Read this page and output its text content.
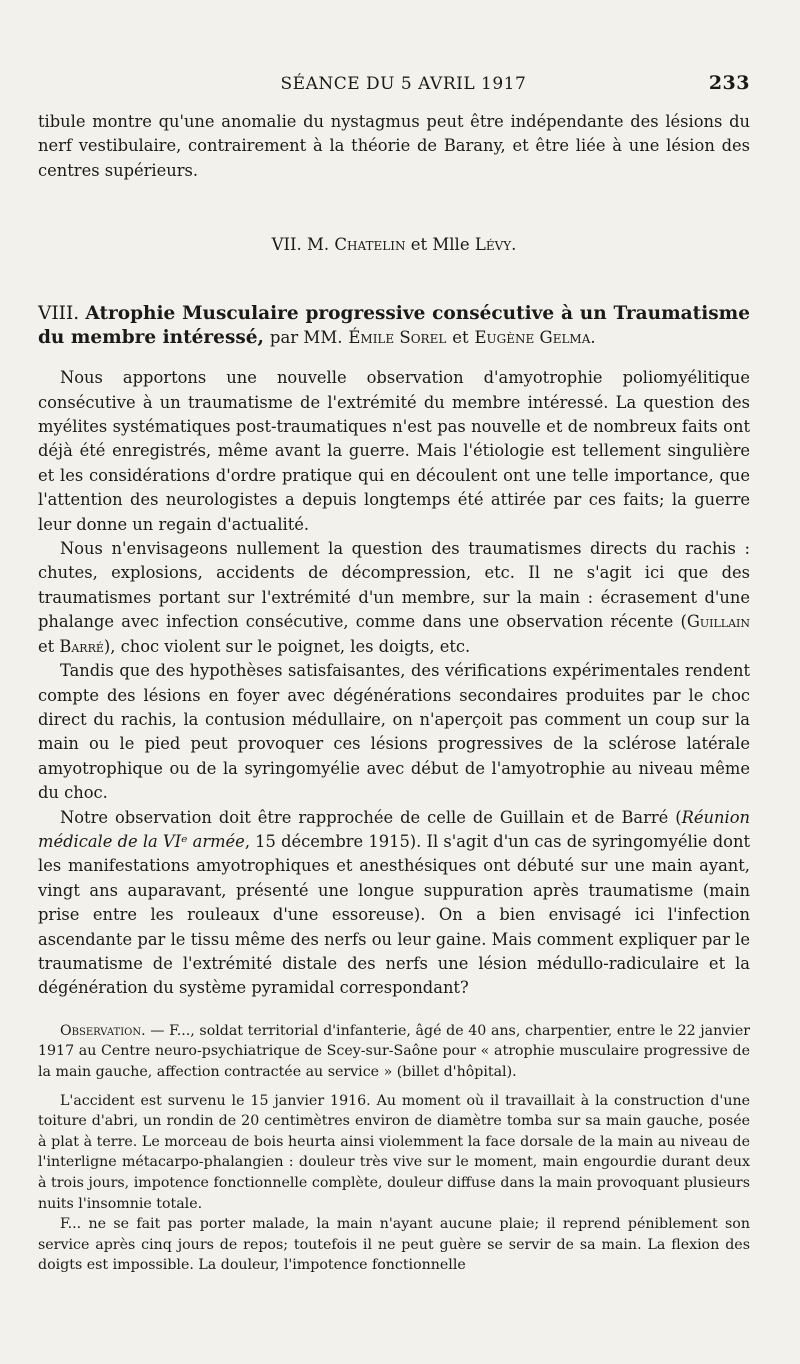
SÉANCE DU 5 AVRIL 1917	233

tibule montre qu'une anomalie du nystagmus peut être indépendante des lésions du nerf vestibulaire, contrairement à la théorie de Barany, et être liée à une lésion des centres supérieurs.

VII. M. Chatelin et Mlle Lévy.

VIII. Atrophie Musculaire progressive consécutive à un Traumatisme du membre intéressé, par MM. Émile Sorel et Eugène Gelma.

Nous apportons une nouvelle observation d'amyotrophie poliomyélitique consécutive à un traumatisme de l'extrémité du membre intéressé. La question des myélites systématiques post-traumatiques n'est pas nouvelle et de nombreux faits ont déjà été enregistrés, même avant la guerre. Mais l'étiologie est tellement singulière et les considérations d'ordre pratique qui en découlent ont une telle importance, que l'attention des neurologistes a depuis longtemps été attirée par ces faits; la guerre leur donne un regain d'actualité.

Nous n'envisageons nullement la question des traumatismes directs du rachis : chutes, explosions, accidents de décompression, etc. Il ne s'agit ici que des traumatismes portant sur l'extrémité d'un membre, sur la main : écrasement d'une phalange avec infection consécutive, comme dans une observation récente (Guillain et Barré), choc violent sur le poignet, les doigts, etc.

Tandis que des hypothèses satisfaisantes, des vérifications expérimentales rendent compte des lésions en foyer avec dégénérations secondaires produites par le choc direct du rachis, la contusion médullaire, on n'aperçoit pas comment un coup sur la main ou le pied peut provoquer ces lésions progressives de la sclérose latérale amyotrophique ou de la syringomyélie avec début de l'amyotrophie au niveau même du choc.

Notre observation doit être rapprochée de celle de Guillain et de Barré (Réunion médicale de la VIᵉ armée, 15 décembre 1915). Il s'agit d'un cas de syringomyélie dont les manifestations amyotrophiques et anesthésiques ont débuté sur une main ayant, vingt ans auparavant, présenté une longue suppuration après traumatisme (main prise entre les rouleaux d'une essoreuse). On a bien envisagé ici l'infection ascendante par le tissu même des nerfs ou leur gaine. Mais comment expliquer par le traumatisme de l'extrémité distale des nerfs une lésion médullo-radiculaire et la dégénération du système pyramidal correspondant?

Observation. — F..., soldat territorial d'infanterie, âgé de 40 ans, charpentier, entre le 22 janvier 1917 au Centre neuro-psychiatrique de Scey-sur-Saône pour « atrophie musculaire progressive de la main gauche, affection contractée au service » (billet d'hôpital).

L'accident est survenu le 15 janvier 1916. Au moment où il travaillait à la construction d'une toiture d'abri, un rondin de 20 centimètres environ de diamètre tomba sur sa main gauche, posée à plat à terre. Le morceau de bois heurta ainsi violemment la face dorsale de la main au niveau de l'interligne métacarpo-phalangien : douleur très vive sur le moment, main engourdie durant deux à trois jours, impotence fonctionnelle complète, douleur diffuse dans la main provoquant plusieurs nuits l'insomnie totale.

F... ne se fait pas porter malade, la main n'ayant aucune plaie; il reprend péniblement son service après cinq jours de repos; toutefois il ne peut guère se servir de sa main. La flexion des doigts est impossible. La douleur, l'impotence fonctionnelle
